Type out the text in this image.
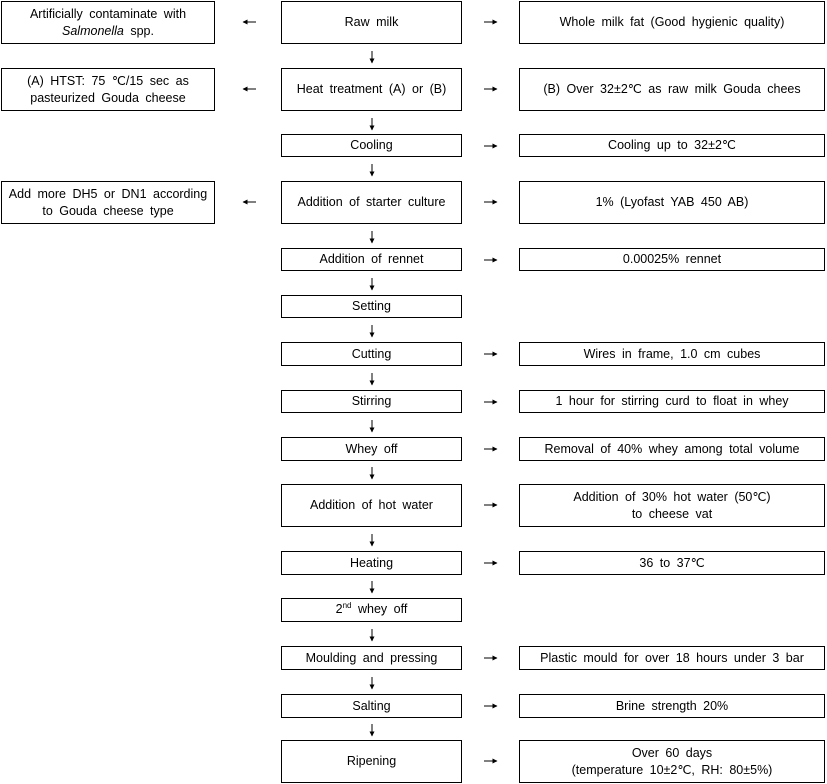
Raw milk
Heat treatment (A) or (B)
Cooling
Addition of starter culture
Addition of rennet
Setting
Cutting
Stirring
Whey off
Addition of hot water
Heating
2nd whey off
Moulding and pressing
Salting
Ripening
Whole milk fat (Good hygienic quality)
(B) Over 32±2℃ as raw milk Gouda chees
Cooling up to 32±2℃
1% (Lyofast YAB 450 AB)
0.00025% rennet
Wires in frame, 1.0 cm cubes
1 hour for stirring curd to float in whey
Removal of 40% whey among total volume
Addition of 30% hot water (50℃)
to cheese vat
36 to 37℃
Plastic mould for over 18 hours under 3 bar
Brine strength 20%
Over 60 days
(temperature 10±2℃, RH: 80±5%)
Artificially contaminate with
Salmonella spp.
(A) HTST: 75 ℃/15 sec as
pasteurized Gouda cheese
Add more DH5 or DN1 according
to Gouda cheese type
